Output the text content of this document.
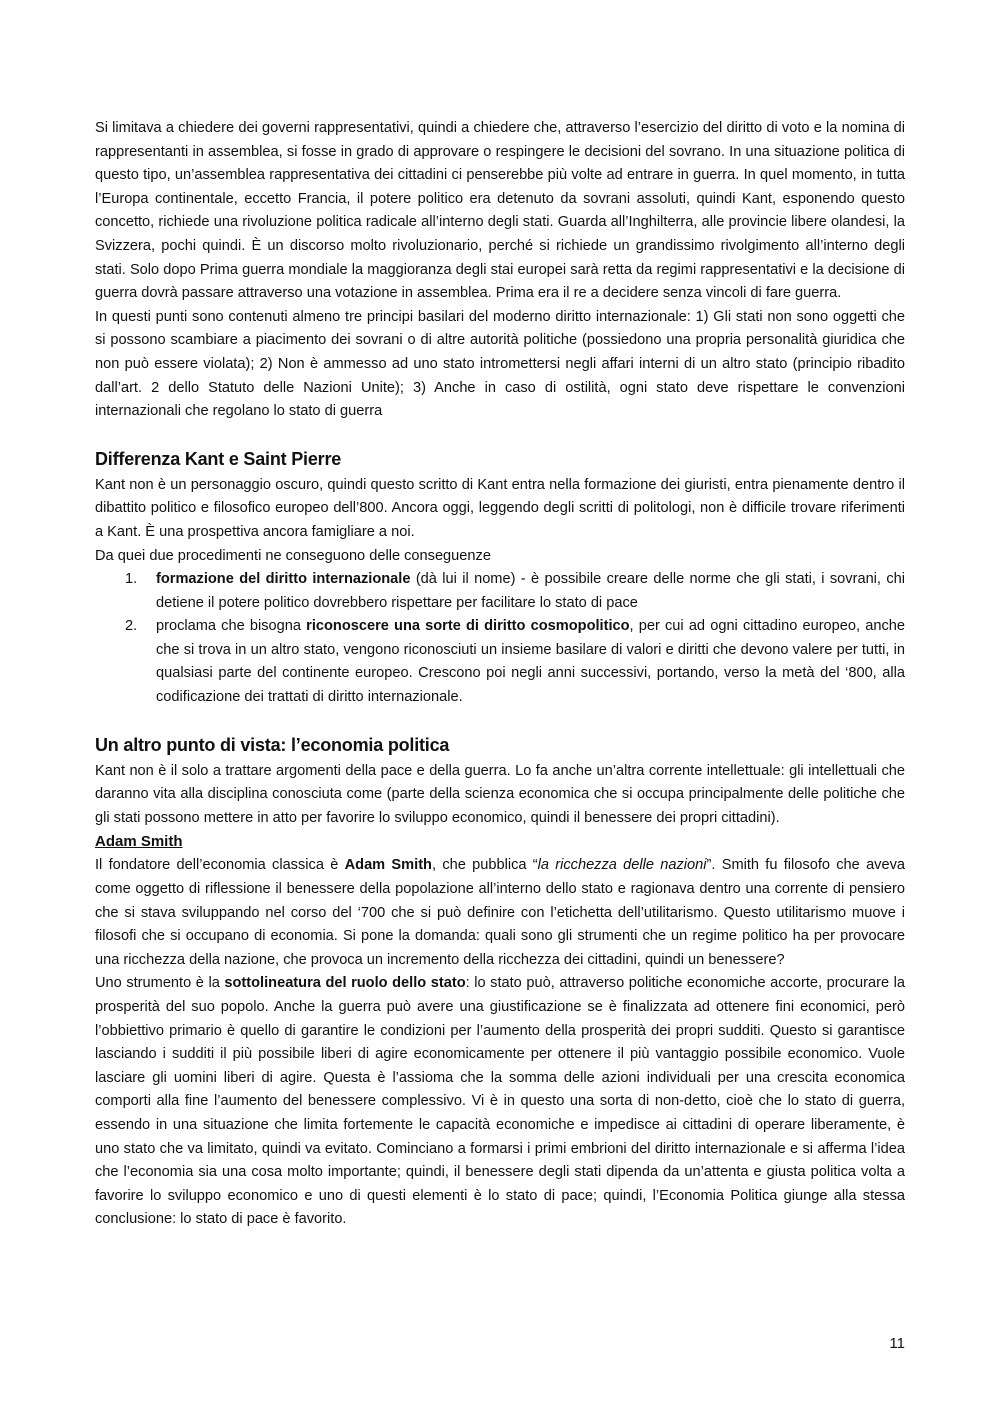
Si limitava a chiedere dei governi rappresentativi, quindi a chiedere che, attraverso l’esercizio del diritto di voto e la nomina di rappresentanti in assemblea, si fosse in grado di approvare o respingere le decisioni del sovrano. In una situazione politica di questo tipo, un’assemblea rappresentativa dei cittadini ci penserebbe più volte ad entrare in guerra. In quel momento, in tutta l’Europa continentale, eccetto Francia, il potere politico era detenuto da sovrani assoluti, quindi Kant, esponendo questo concetto, richiede una rivoluzione politica radicale all’interno degli stati. Guarda all’Inghilterra, alle provincie libere olandesi, la Svizzera, pochi quindi. È un discorso molto rivoluzionario, perché si richiede un grandissimo rivolgimento all’interno degli stati. Solo dopo Prima guerra mondiale la maggioranza degli stai europei sarà retta da regimi rappresentativi e la decisione di guerra dovrà passare attraverso una votazione in assemblea. Prima era il re a decidere senza vincoli di fare guerra.

In questi punti sono contenuti almeno tre principi basilari del moderno diritto internazionale: 1) Gli stati non sono oggetti che si possono scambiare a piacimento dei sovrani o di altre autorità politiche (possiedono una propria personalità giuridica che non può essere violata); 2) Non è ammesso ad uno stato intromettersi negli affari interni di un altro stato (principio ribadito dall’art. 2 dello Statuto delle Nazioni Unite); 3) Anche in caso di ostilità, ogni stato deve rispettare le convenzioni internazionali che regolano lo stato di guerra

Differenza Kant e Saint Pierre

Kant non è un personaggio oscuro, quindi questo scritto di Kant entra nella formazione dei giuristi, entra pienamente dentro il dibattito politico e filosofico europeo dell’800. Ancora oggi, leggendo degli scritti di politologi, non è difficile trovare riferimenti a Kant. È una prospettiva ancora famigliare a noi.

Da quei due procedimenti ne conseguono delle conseguenze

1. formazione del diritto internazionale (dà lui il nome) - è possibile creare delle norme che gli stati, i sovrani, chi detiene il potere politico dovrebbero rispettare per facilitare lo stato di pace

2. proclama che bisogna riconoscere una sorte di diritto cosmopolitico, per cui ad ogni cittadino europeo, anche che si trova in un altro stato, vengono riconosciuti un insieme basilare di valori e diritti che devono valere per tutti, in qualsiasi parte del continente europeo. Crescono poi negli anni successivi, portando, verso la metà del ‘800, alla codificazione dei trattati di diritto internazionale.

Un altro punto di vista: l’economia politica

Kant non è il solo a trattare argomenti della pace e della guerra. Lo fa anche un’altra corrente intellettuale: gli intellettuali che daranno vita alla disciplina conosciuta come (parte della scienza economica che si occupa principalmente delle politiche che gli stati possono mettere in atto per favorire lo sviluppo economico, quindi il benessere dei propri cittadini).

Adam Smith

Il fondatore dell’economia classica è Adam Smith, che pubblica “la ricchezza delle nazioni”. Smith fu filosofo che aveva come oggetto di riflessione il benessere della popolazione all’interno dello stato e ragionava dentro una corrente di pensiero che si stava sviluppando nel corso del ‘700 che si può definire con l’etichetta dell’utilitarismo. Questo utilitarismo muove i filosofi che si occupano di economia. Si pone la domanda: quali sono gli strumenti che un regime politico ha per provocare una ricchezza della nazione, che provoca un incremento della ricchezza dei cittadini, quindi un benessere?

Uno strumento è la sottolineatura del ruolo dello stato: lo stato può, attraverso politiche economiche accorte, procurare la prosperità del suo popolo. Anche la guerra può avere una giustificazione se è finalizzata ad ottenere fini economici, però l’obbiettivo primario è quello di garantire le condizioni per l’aumento della prosperità dei propri sudditi. Questo si garantisce lasciando i sudditi il più possibile liberi di agire economicamente per ottenere il più vantaggio possibile economico. Vuole lasciare gli uomini liberi di agire. Questa è l’assioma che la somma delle azioni individuali per una crescita economica comporti alla fine l’aumento del benessere complessivo. Vi è in questo una sorta di non-detto, cioè che lo stato di guerra, essendo in una situazione che limita fortemente le capacità economiche e impedisce ai cittadini di operare liberamente, è uno stato che va limitato, quindi va evitato. Cominciano a formarsi i primi embrioni del diritto internazionale e si afferma l’idea che l’economia sia una cosa molto importante; quindi, il benessere degli stati dipenda da un’attenta e giusta politica volta a favorire lo sviluppo economico e uno di questi elementi è lo stato di pace; quindi, l’Economia Politica giunge alla stessa conclusione: lo stato di pace è favorito.

11
